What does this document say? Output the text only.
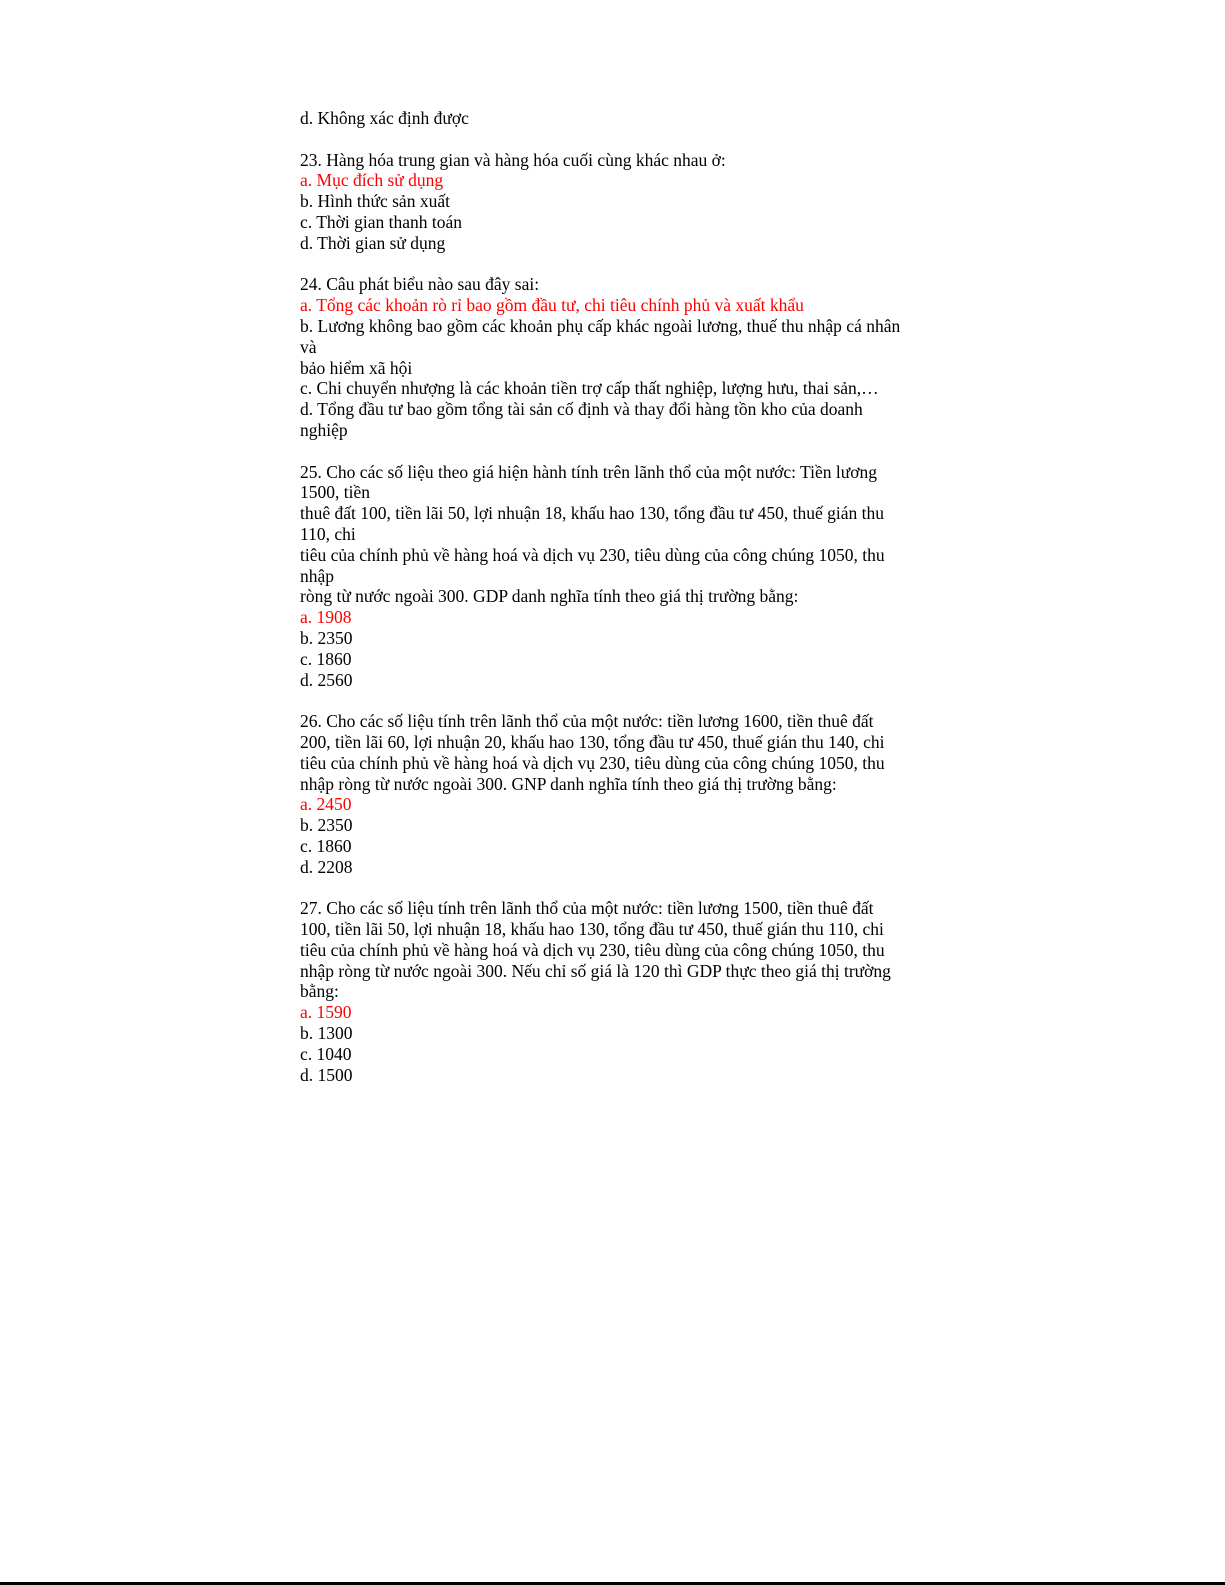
d. Không xác định được
23. Hàng hóa trung gian và hàng hóa cuối cùng khác nhau ở:
a. Mục đích sử dụng
b. Hình thức sản xuất
c. Thời gian thanh toán
d. Thời gian sử dụng
24. Câu phát biểu nào sau đây sai:
a. Tổng các khoản rò rỉ bao gồm đầu tư, chi tiêu chính phủ và xuất khẩu
b. Lương không bao gồm các khoản phụ cấp khác ngoài lương, thuế thu nhập cá nhân
và
bảo hiểm xã hội
c. Chi chuyển nhượng là các khoản tiền trợ cấp thất nghiệp, lượng hưu, thai sản,…
d. Tổng đầu tư bao gồm tổng tài sản cố định và thay đổi hàng tồn kho của doanh
nghiệp
25. Cho các số liệu theo giá hiện hành tính trên lãnh thổ của một nước: Tiền lương
1500, tiền
thuê đất 100, tiền lãi 50, lợi nhuận 18, khấu hao 130, tổng đầu tư 450, thuế gián thu
110, chi
tiêu của chính phủ về hàng hoá và dịch vụ 230, tiêu dùng của công chúng 1050, thu
nhập
ròng từ nước ngoài 300. GDP danh nghĩa tính theo giá thị trường bằng:
a. 1908
b. 2350
c. 1860
d. 2560
26. Cho các số liệu tính trên lãnh thổ của một nước: tiền lương 1600, tiền thuê đất
200, tiền lãi 60, lợi nhuận 20, khấu hao 130, tổng đầu tư 450, thuế gián thu 140, chi
tiêu của chính phủ về hàng hoá và dịch vụ 230, tiêu dùng của công chúng 1050, thu
nhập ròng từ nước ngoài 300. GNP danh nghĩa tính theo giá thị trường bằng:
a. 2450
b. 2350
c. 1860
d. 2208
27. Cho các số liệu tính trên lãnh thổ của một nước: tiền lương 1500, tiền thuê đất
100, tiền lãi 50, lợi nhuận 18, khấu hao 130, tổng đầu tư 450, thuế gián thu 110, chi
tiêu của chính phủ về hàng hoá và dịch vụ 230, tiêu dùng của công chúng 1050, thu
nhập ròng từ nước ngoài 300. Nếu chỉ số giá là 120 thì GDP thực theo giá thị trường
bằng:
a. 1590
b. 1300
c. 1040
d. 1500
